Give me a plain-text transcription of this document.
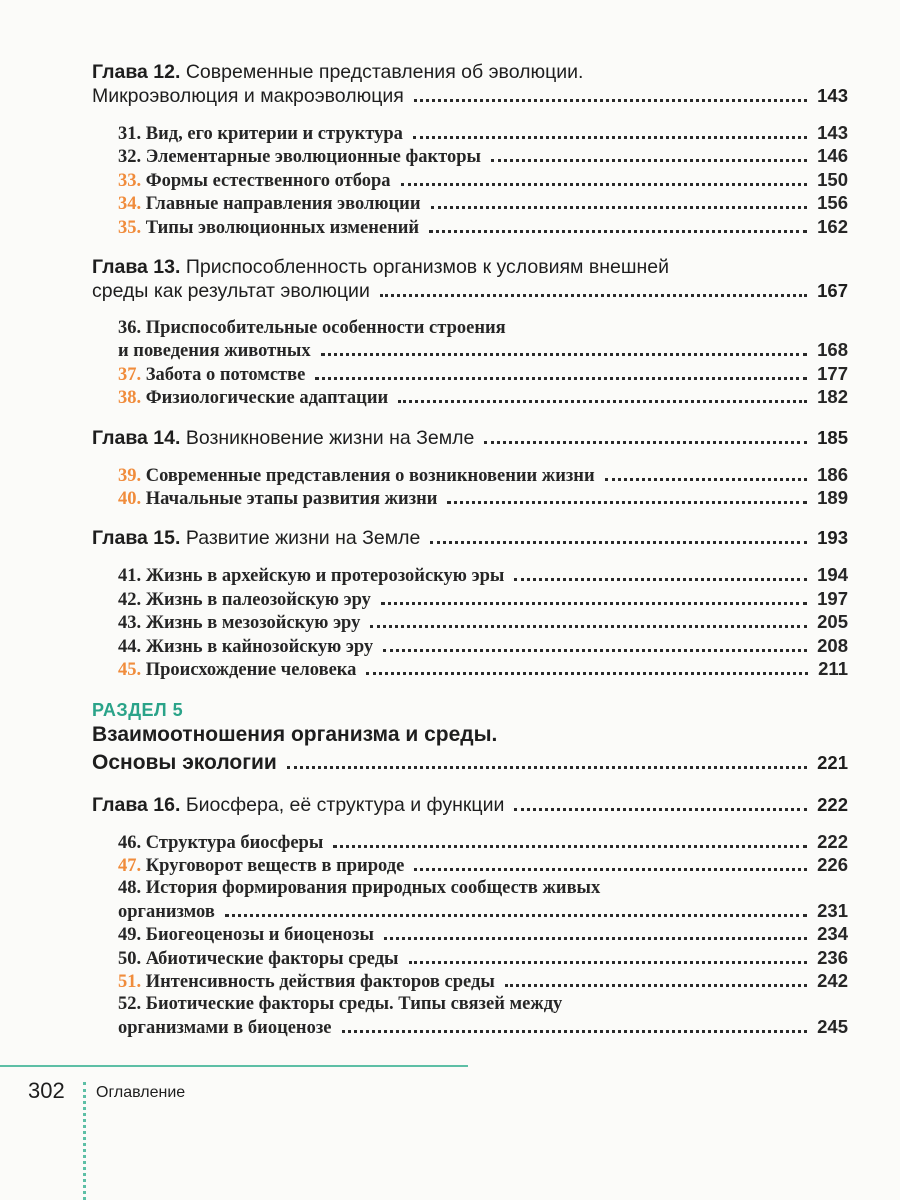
Глава 12. Современные представления об эволюции.
Микроэволюция и макроэволюция	143
31. Вид, его критерии и структура	143
32. Элементарные эволюционные факторы	146
33. Формы естественного отбора	150
34. Главные направления эволюции	156
35. Типы эволюционных изменений	162
Глава 13. Приспособленность организмов к условиям внешней
среды как результат эволюции	167
36. Приспособительные особенности строения
и поведения животных	168
37. Забота о потомстве	177
38. Физиологические адаптации	182
Глава 14. Возникновение жизни на Земле	185
39. Современные представления о возникновении жизни	186
40. Начальные этапы развития жизни	189
Глава 15. Развитие жизни на Земле	193
41. Жизнь в архейскую и протерозойскую эры	194
42. Жизнь в палеозойскую эру	197
43. Жизнь в мезозойскую эру	205
44. Жизнь в кайнозойскую эру	208
45. Происхождение человека	211
РАЗДЕЛ 5
Взаимоотношения организма и среды.
Основы экологии	221
Глава 16. Биосфера, её структура и функции	222
46. Структура биосферы	222
47. Круговорот веществ в природе	226
48. История формирования природных сообществ живых
организмов	231
49. Биогеоценозы и биоценозы	234
50. Абиотические факторы среды	236
51. Интенсивность действия факторов среды	242
52. Биотические факторы среды. Типы связей между
организмами в биоценозе	245
302 Оглавление
